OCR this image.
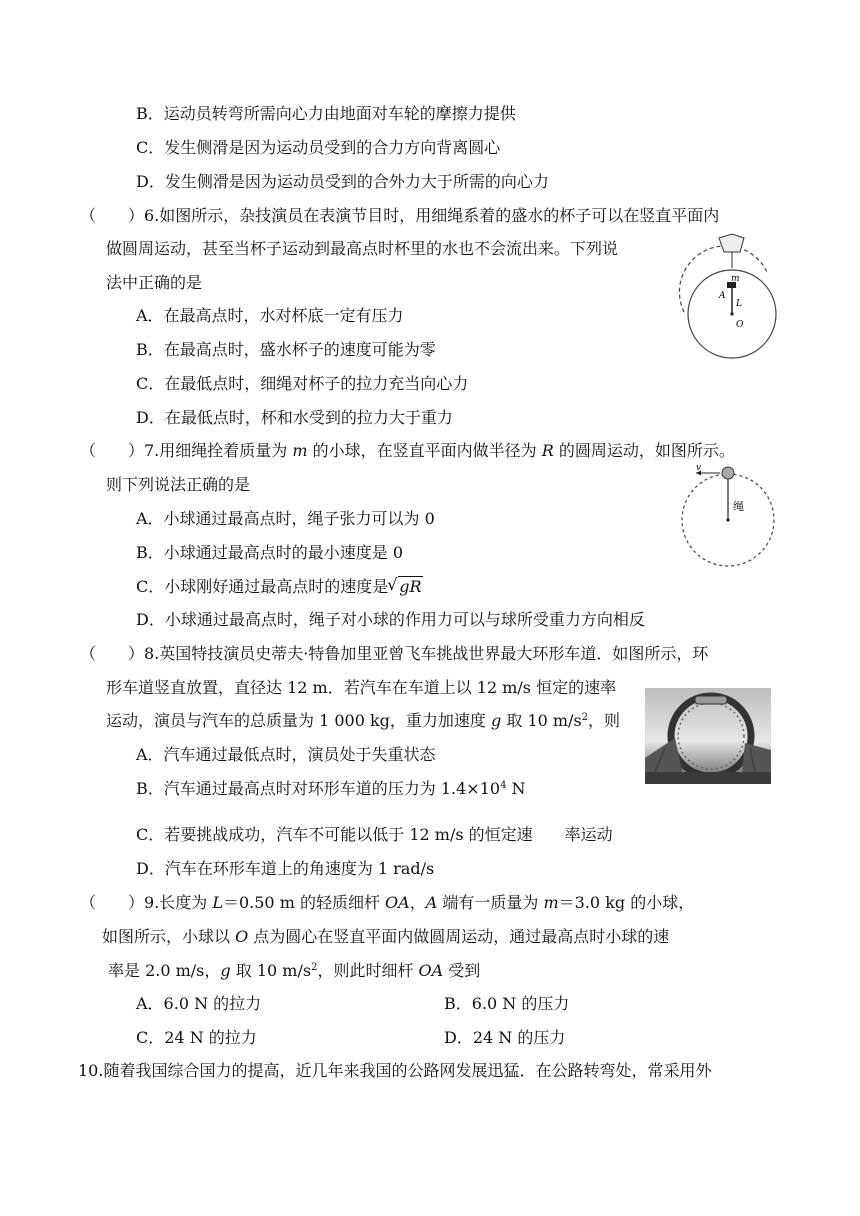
B．运动员转弯所需向心力由地面对车轮的摩擦力提供
C．发生侧滑是因为运动员受到的合力方向背离圆心
D．发生侧滑是因为运动员受到的合外力大于所需的向心力
（　　）6.如图所示，杂技演员在表演节目时，用细绳系着的盛水的杯子可以在竖直平面内
做圆周运动，甚至当杯子运动到最高点时杯里的水也不会流出来。下列说
法中正确的是
A．在最高点时，水对杯底一定有压力
B．在最高点时，盛水杯子的速度可能为零
C．在最低点时，细绳对杯子的拉力充当向心力
D．在最低点时，杯和水受到的拉力大于重力
m
A
L
O
（　　）7.用细绳拴着质量为 m 的小球，在竖直平面内做半径为 R 的圆周运动，如图所示。
则下列说法正确的是
A．小球通过最高点时，绳子张力可以为 0
B．小球通过最高点时的最小速度是 0
C．小球刚好通过最高点时的速度是√ gR
D．小球通过最高点时，绳子对小球的作用力可以与球所受重力方向相反
v
绳
（　　）8.英国特技演员史蒂夫·特鲁加里亚曾飞车挑战世界最大环形车道．如图所示，环
形车道竖直放置，直径达 12 m．若汽车在车道上以 12 m/s 恒定的速率
运动，演员与汽车的总质量为 1 000 kg，重力加速度 g 取 10 $m/s^2$，则
A．汽车通过最低点时，演员处于失重状态
B．汽车通过最高点时对环形车道的压力为 $1.4\times 10^4$ N
C．若要挑战成功，汽车不可能以低于 12 m/s 的恒定速　　率运动
D．汽车在环形车道上的角速度为 1 rad/s
（　　）9.长度为 L＝0.50 m 的轻质细杆 OA，A 端有一质量为 m＝3.0 kg 的小球，
如图所示，小球以 O 点为圆心在竖直平面内做圆周运动，通过最高点时小球的速
率是 2.0 m/s，g 取 10 $m/s^2$，则此时细杆 OA 受到
A．6.0 N 的拉力	B．6.0 N 的压力
C．24 N 的拉力	D．24 N 的压力
10.随着我国综合国力的提高，近几年来我国的公路网发展迅猛．在公路转弯处，常采用外
